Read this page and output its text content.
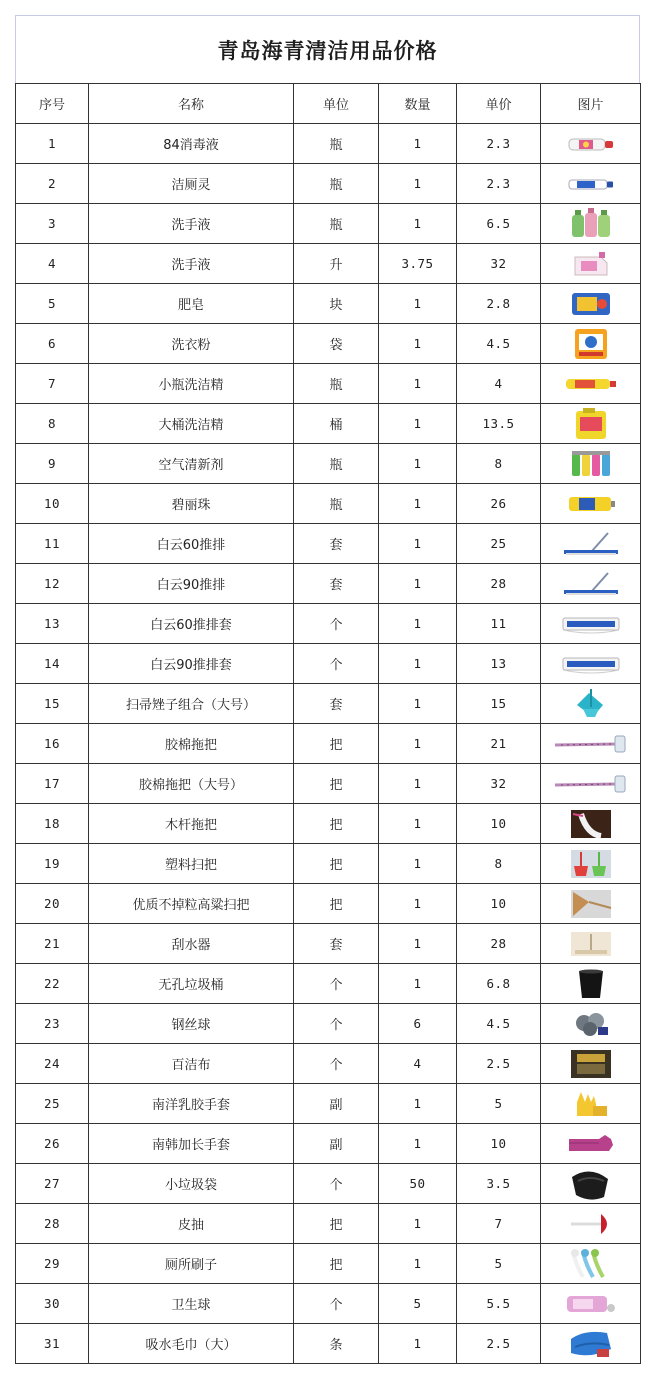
青岛海青清洁用品价格
序号	名称	单位	数量	单价	图片
1	84消毒液	瓶	1	2.3	

2	洁厕灵	瓶	1	2.3	

3	洗手液	瓶	1	6.5	

4	洗手液	升	3.75	32	

5	肥皂	块	1	2.8	

6	洗衣粉	袋	1	4.5	

7	小瓶洗洁精	瓶	1	4	

8	大桶洗洁精	桶	1	13.5	

9	空气清新剂	瓶	1	8	

10	碧丽珠	瓶	1	26	

11	白云60推排	套	1	25	

12	白云90推排	套	1	28	

13	白云60推排套	个	1	11	

14	白云90推排套	个	1	13	

15	扫帚矬子组合（大号）	套	1	15	

16	胶棉拖把	把	1	21	

17	胶棉拖把（大号）	把	1	32	

18	木杆拖把	把	1	10	

19	塑料扫把	把	1	8	

20	优质不掉粒高粱扫把	把	1	10	

21	刮水器	套	1	28	

22	无孔垃圾桶	个	1	6.8	

23	钢丝球	个	6	4.5	

24	百洁布	个	4	2.5	

25	南洋乳胶手套	副	1	5	

26	南韩加长手套	副	1	10	

27	小垃圾袋	个	50	3.5	

28	皮抽	把	1	7	

29	厕所刷子	把	1	5	

30	卫生球	个	5	5.5	

31	吸水毛巾（大）	条	1	2.5	
